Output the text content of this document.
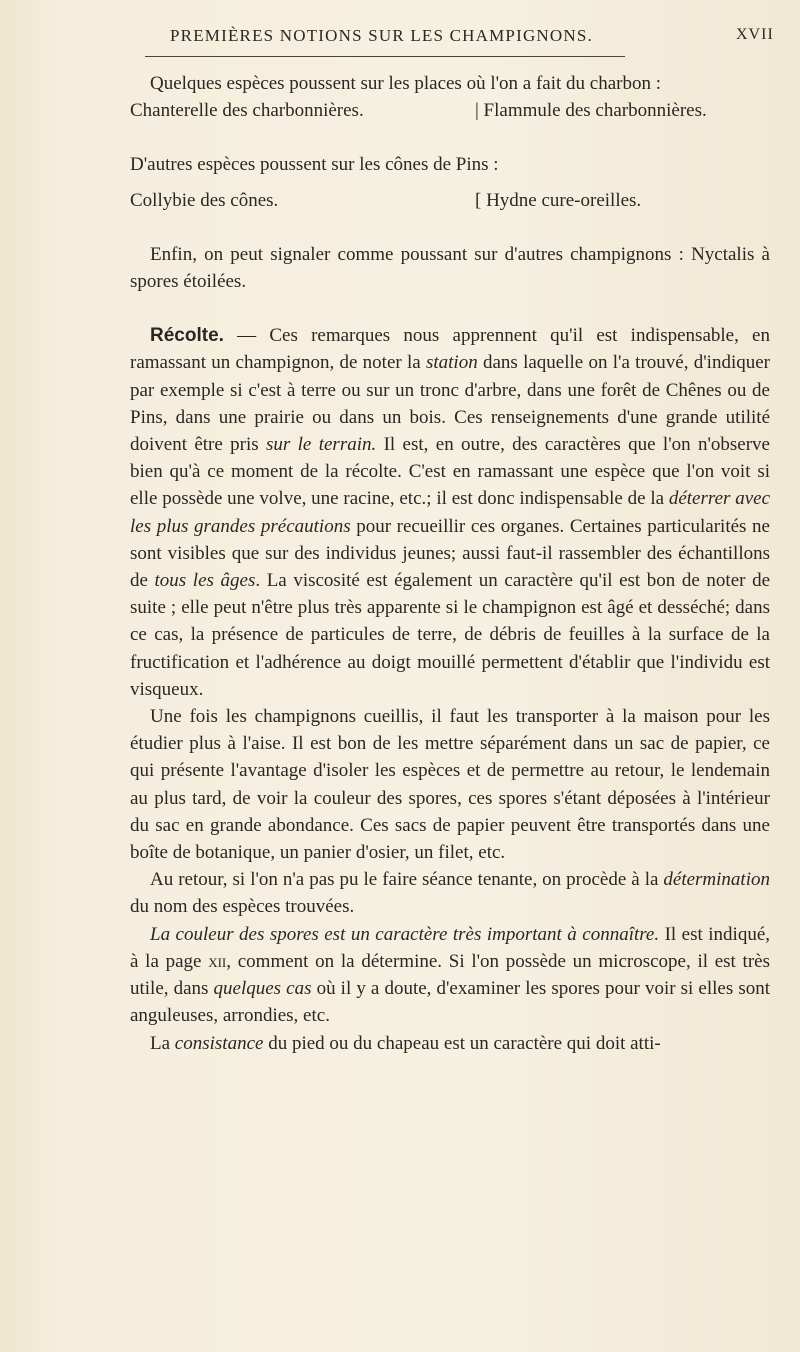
PREMIÈRES NOTIONS SUR LES CHAMPIGNONS.	XVII

Quelques espèces poussent sur les places où l'on a fait du charbon :

Chanterelle des charbonnières.	| Flammule des charbonnières.

D'autres espèces poussent sur les cônes de Pins :

Collybie des cônes.	[ Hydne cure-oreilles.

Enfin, on peut signaler comme poussant sur d'autres champignons : Nyctalis à spores étoilées.

Récolte. — Ces remarques nous apprennent qu'il est indispensable, en ramassant un champignon, de noter la station dans laquelle on l'a trouvé, d'indiquer par exemple si c'est à terre ou sur un tronc d'arbre, dans une forêt de Chênes ou de Pins, dans une prairie ou dans un bois. Ces renseignements d'une grande utilité doivent être pris sur le terrain. Il est, en outre, des caractères que l'on n'observe bien qu'à ce moment de la récolte. C'est en ramassant une espèce que l'on voit si elle possède une volve, une racine, etc.; il est donc indispensable de la déterrer avec les plus grandes précautions pour recueillir ces organes. Certaines particularités ne sont visibles que sur des individus jeunes; aussi faut-il rassembler des échantillons de tous les âges. La viscosité est également un caractère qu'il est bon de noter de suite ; elle peut n'être plus très apparente si le champignon est âgé et desséché; dans ce cas, la présence de particules de terre, de débris de feuilles à la surface de la fructification et l'adhérence au doigt mouillé permettent d'établir que l'individu est visqueux.

Une fois les champignons cueillis, il faut les transporter à la maison pour les étudier plus à l'aise. Il est bon de les mettre séparément dans un sac de papier, ce qui présente l'avantage d'isoler les espèces et de permettre au retour, le lendemain au plus tard, de voir la couleur des spores, ces spores s'étant déposées à l'intérieur du sac en grande abondance. Ces sacs de papier peuvent être transportés dans une boîte de botanique, un panier d'osier, un filet, etc.

Au retour, si l'on n'a pas pu le faire séance tenante, on procède à la détermination du nom des espèces trouvées.

La couleur des spores est un caractère très important à connaître. Il est indiqué, à la page xii, comment on la détermine. Si l'on possède un microscope, il est très utile, dans quelques cas où il y a doute, d'examiner les spores pour voir si elles sont anguleuses, arrondies, etc.

La consistance du pied ou du chapeau est un caractère qui doit atti-
